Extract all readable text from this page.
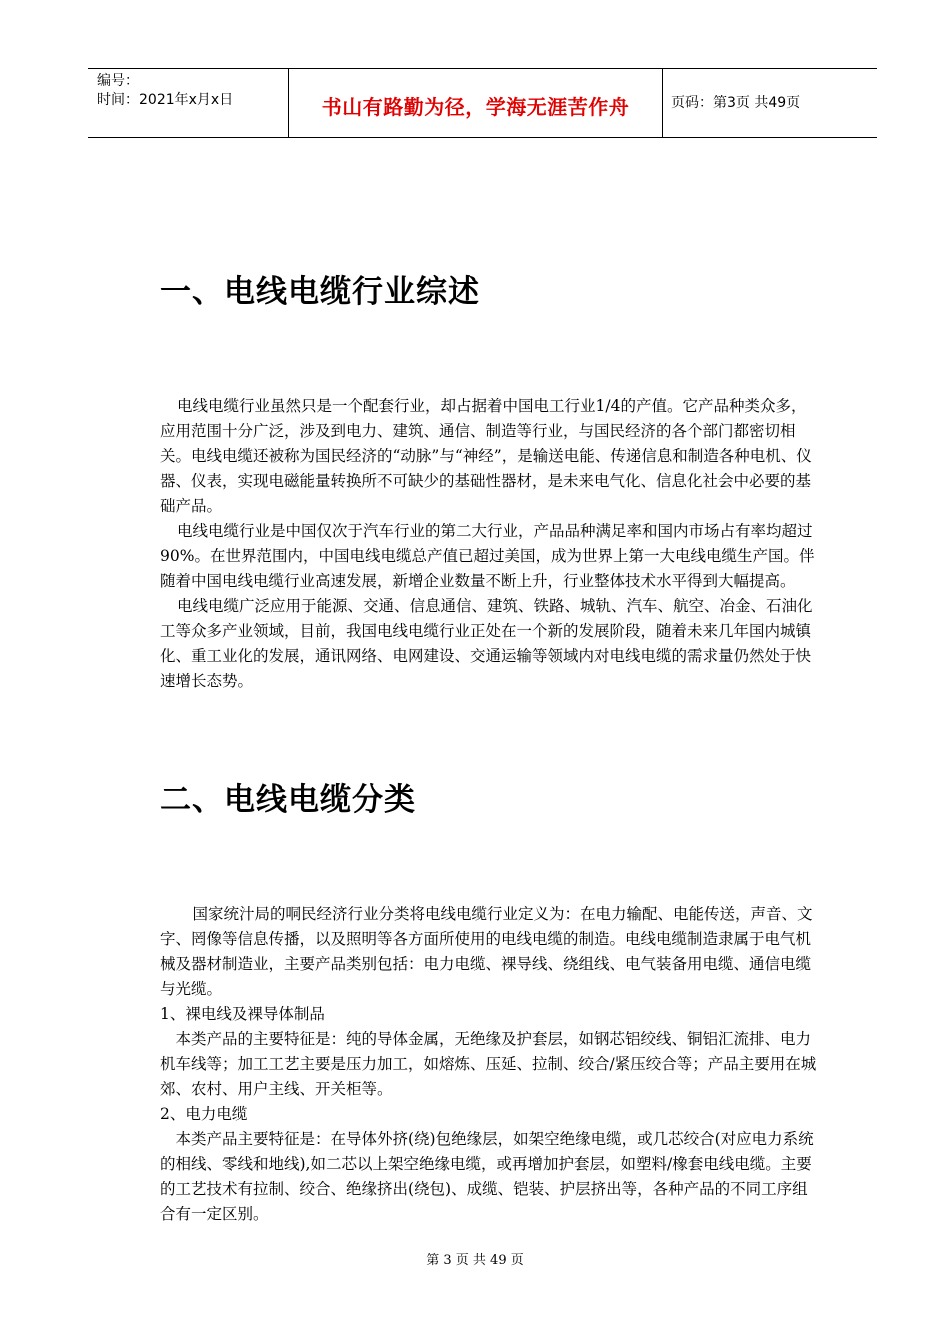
编号：
时间：2021年x月x日	书山有路勤为径，学海无涯苦作舟	页码：第3页 共49页
一、电线电缆行业综述

电线电缆行业虽然只是一个配套行业，却占据着中国电工行业1/4的产值。它产品种类众多，应用范围十分广泛，涉及到电力、建筑、通信、制造等行业，与国民经济的各个部门都密切相关。电线电缆还被称为国民经济的“动脉”与“神经”，是输送电能、传递信息和制造各种电机、仪器、仪表，实现电磁能量转换所不可缺少的基础性器材，是未来电气化、信息化社会中必要的基础产品。

电线电缆行业是中国仅次于汽车行业的第二大行业，产品品种满足率和国内市场占有率均超过90%。在世界范围内，中国电线电缆总产值已超过美国，成为世界上第一大电线电缆生产国。伴随着中国电线电缆行业高速发展，新增企业数量不断上升，行业整体技术水平得到大幅提高。

电线电缆广泛应用于能源、交通、信息通信、建筑、铁路、城轨、汽车、航空、冶金、石油化工等众多产业领域，目前，我国电线电缆行业正处在一个新的发展阶段，随着未来几年国内城镇化、重工业化的发展，通讯网络、电网建设、交通运输等领域内对电线电缆的需求量仍然处于快速增长态势。

二、电线电缆分类

国家统汁局的哃民经济行业分类将电线电缆行业定义为：在电力输配、电能传送，声音、文字、罔像等信息传播，以及照明等各方面所使用的电线电缆的制造。电线电缆制造隶属于电气机械及器材制造业，主要产品类别包括：电力电缆、裸导线、绕组线、电气装备用电缆、通信电缆与光缆。

1、裸电线及裸导体制品

本类产品的主要特征是：纯的导体金属，无绝缘及护套层，如钢芯铝绞线、铜铝汇流排、电力机车线等；加工工艺主要是压力加工，如熔炼、压延、拉制、绞合/紧压绞合等；产品主要用在城郊、农村、用户主线、开关柜等。

2、电力电缆

本类产品主要特征是：在导体外挤(绕)包绝缘层，如架空绝缘电缆，或几芯绞合(对应电力系统的相线、零线和地线),如二芯以上架空绝缘电缆，或再增加护套层，如塑料/橡套电线电缆。主要的工艺技术有拉制、绞合、绝缘挤出(绕包)、成缆、铠装、护层挤出等，各种产品的不同工序组合有一定区别。

第 3 页 共 49 页
